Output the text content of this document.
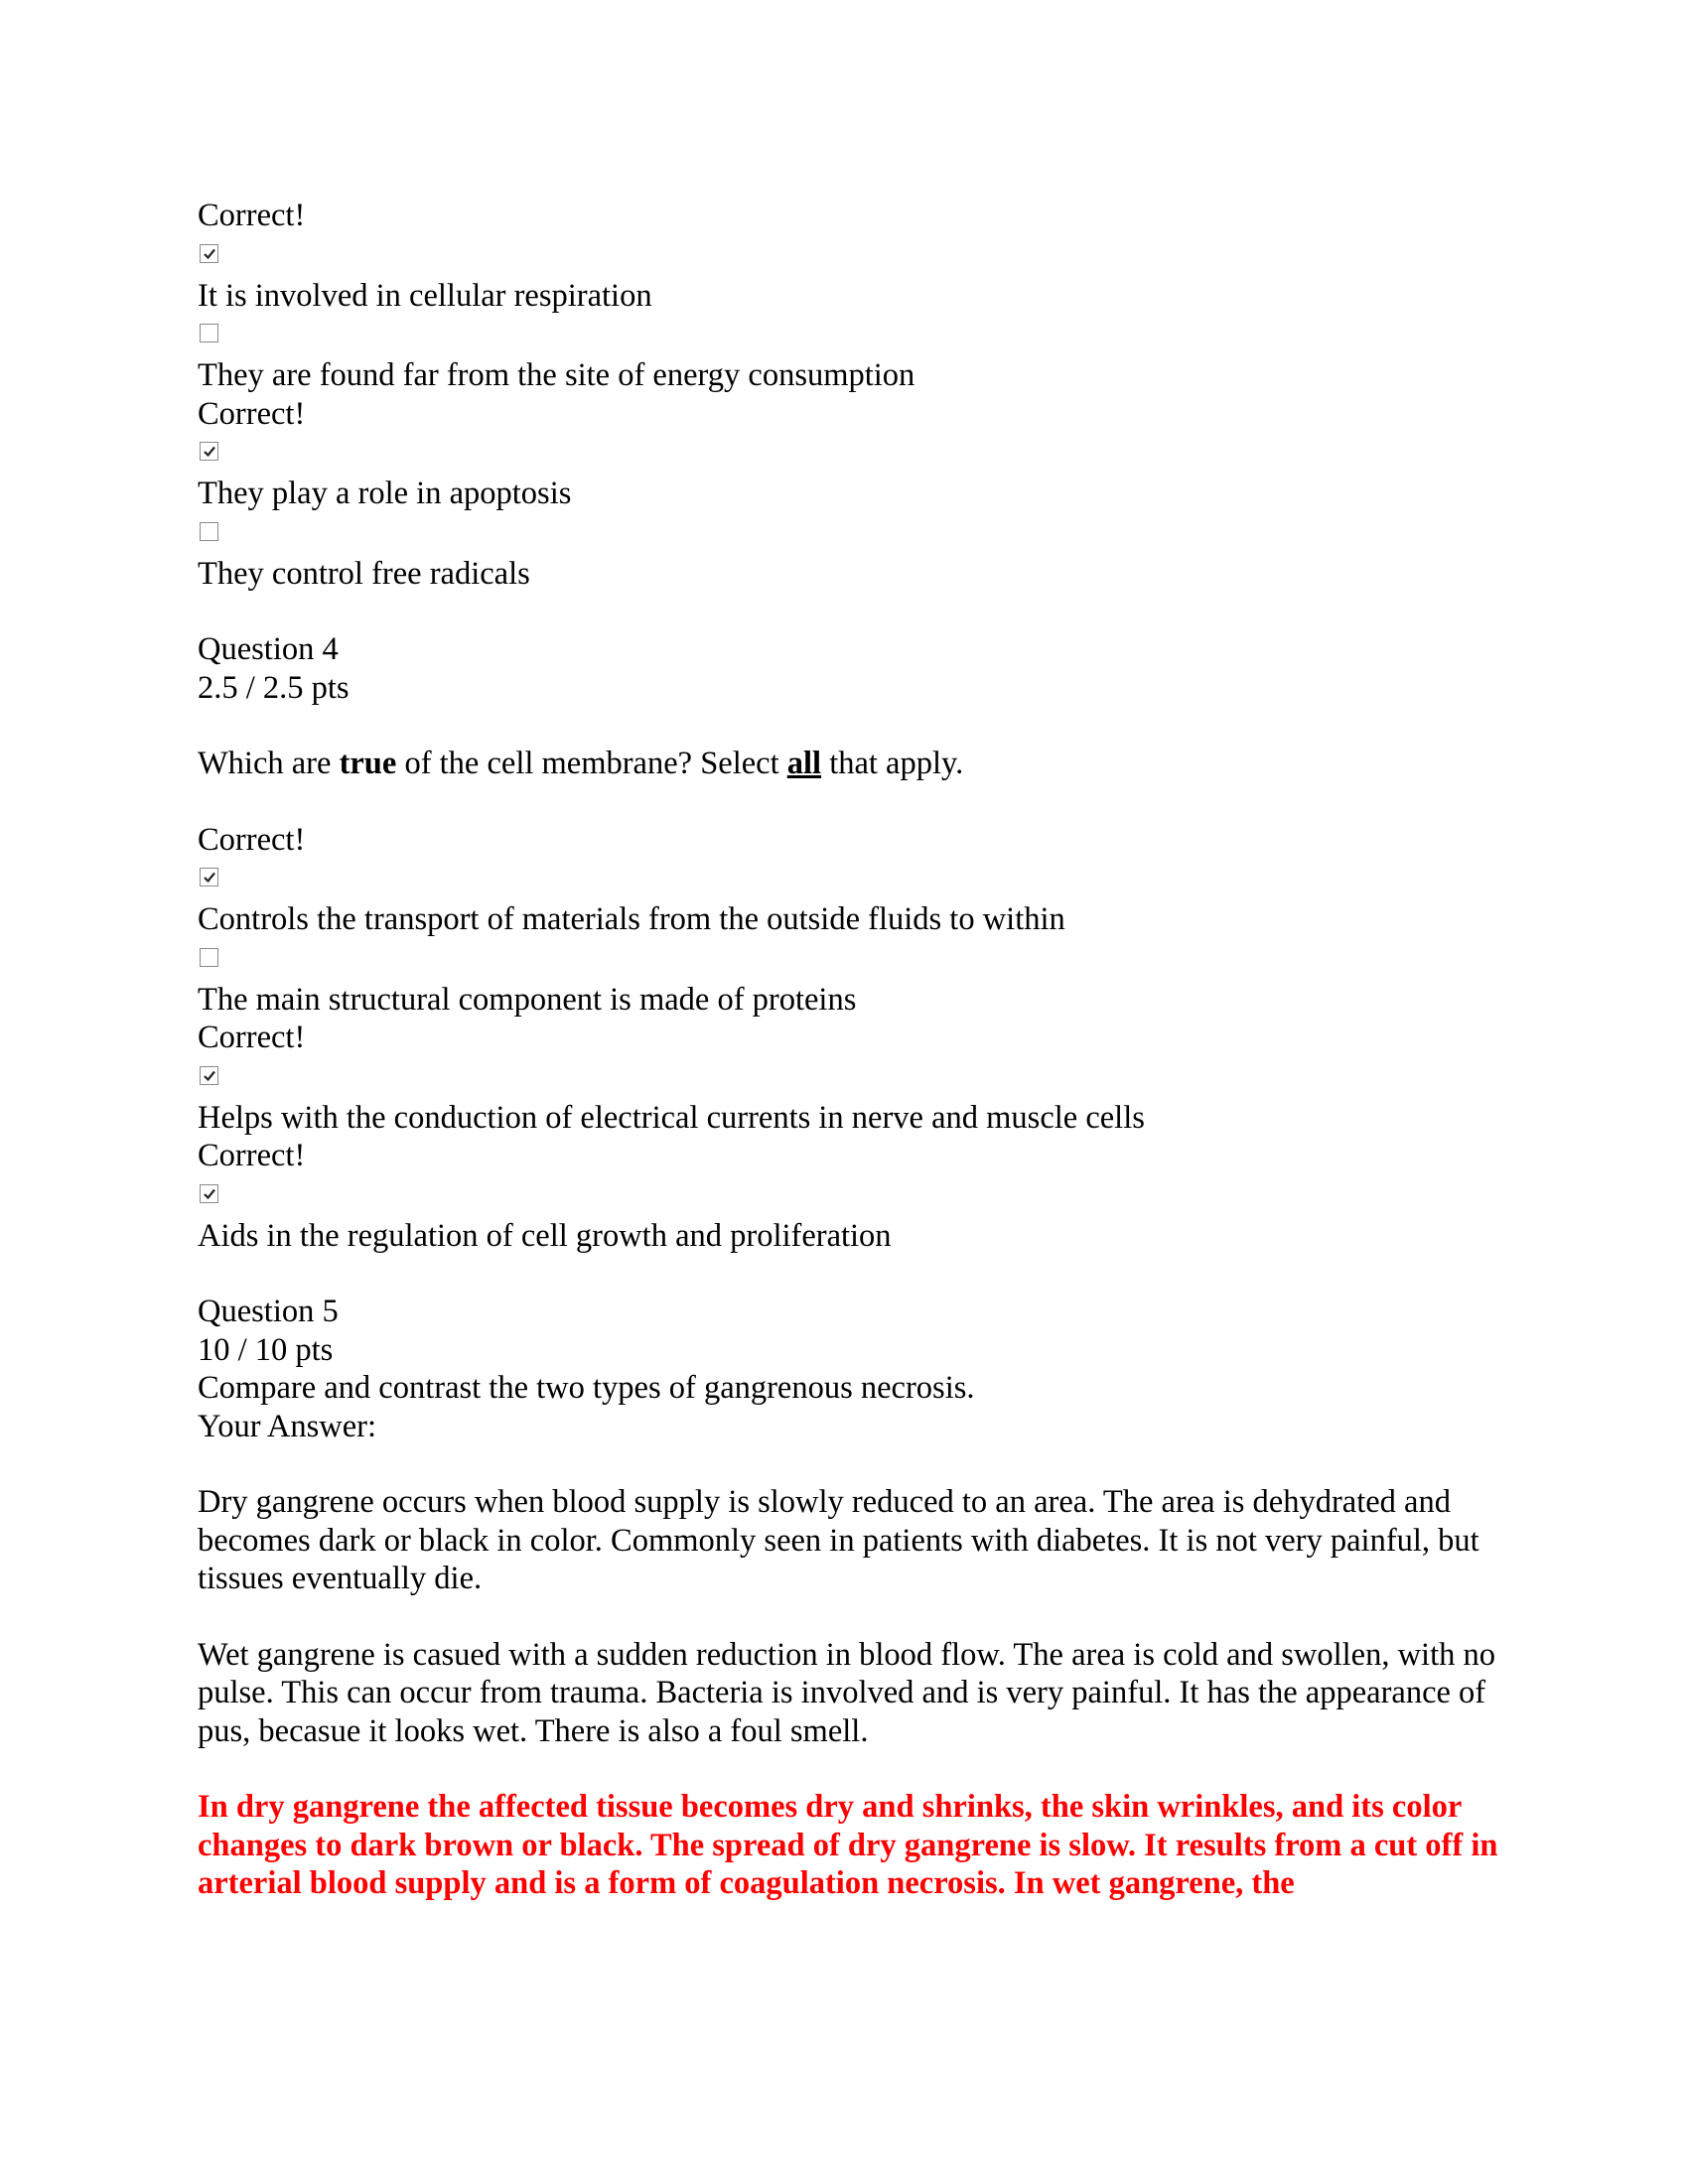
Correct!
It is involved in cellular respiration
They are found far from the site of energy consumption
Correct!
They play a role in apoptosis
They control free radicals
Question 4
2.5 / 2.5 pts
Which are true of the cell membrane? Select all that apply.
Correct!
Controls the transport of materials from the outside fluids to within
The main structural component is made of proteins
Correct!
Helps with the conduction of electrical currents in nerve and muscle cells
Correct!
Aids in the regulation of cell growth and proliferation
Question 5
10 / 10 pts
Compare and contrast the two types of gangrenous necrosis.
Your Answer:

Dry gangrene occurs when blood supply is slowly reduced to an area. The area is dehydrated and becomes dark or black in color. Commonly seen in patients with diabetes. It is not very painful, but tissues eventually die.

Wet gangrene is casued with a sudden reduction in blood flow. The area is cold and swollen, with no pulse. This can occur from trauma. Bacteria is involved and is very painful. It has the appearance of pus, becasue it looks wet. There is also a foul smell.

In dry gangrene the affected tissue becomes dry and shrinks, the skin wrinkles, and its color changes to dark brown or black. The spread of dry gangrene is slow. It results from a cut off in arterial blood supply and is a form of coagulation necrosis. In wet gangrene, the
